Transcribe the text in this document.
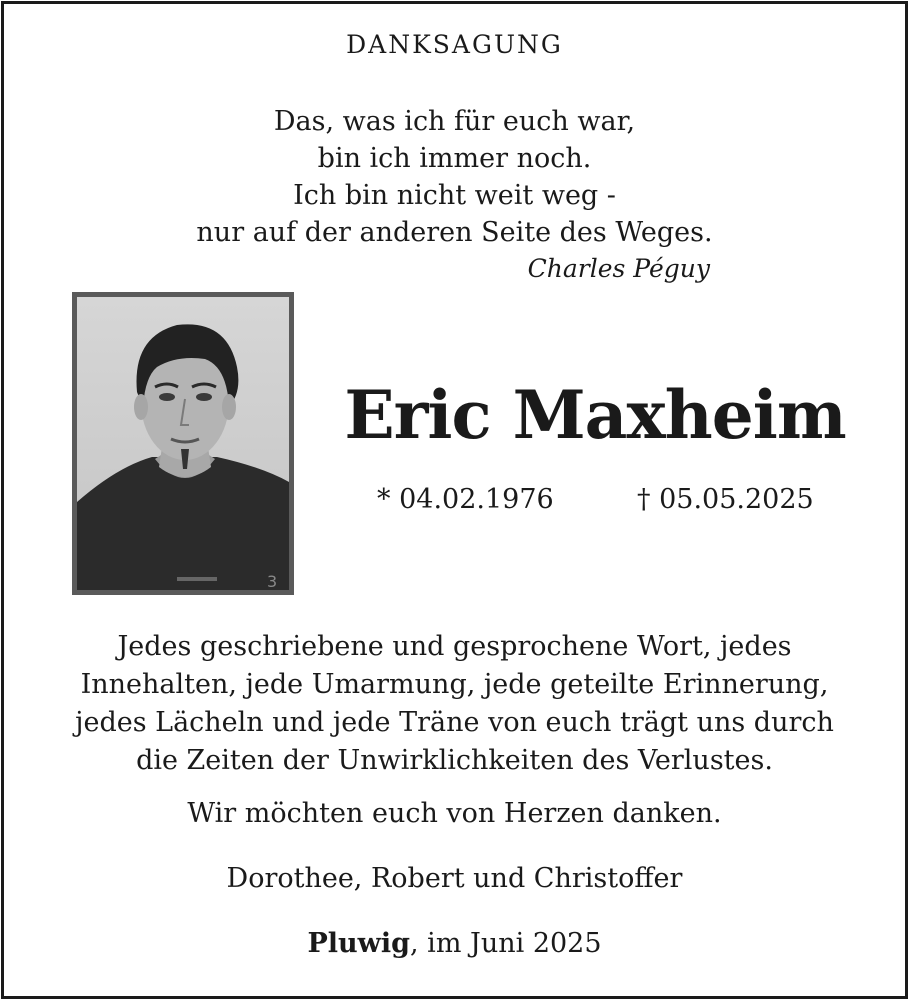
DANKSAGUNG
Das, was ich für euch war,
bin ich immer noch.
Ich bin nicht weit weg -
nur auf der anderen Seite des Weges.
Charles Péguy
3
Eric Maxheim
* 04.02.1976	† 05.05.2025
Jedes geschriebene und gesprochene Wort, jedes
Innehalten, jede Umarmung, jede geteilte Erinnerung,
jedes Lächeln und jede Träne von euch trägt uns durch
die Zeiten der Unwirklichkeiten des Verlustes.
Wir möchten euch von Herzen danken.
Dorothee, Robert und Christoffer
Pluwig, im Juni 2025
